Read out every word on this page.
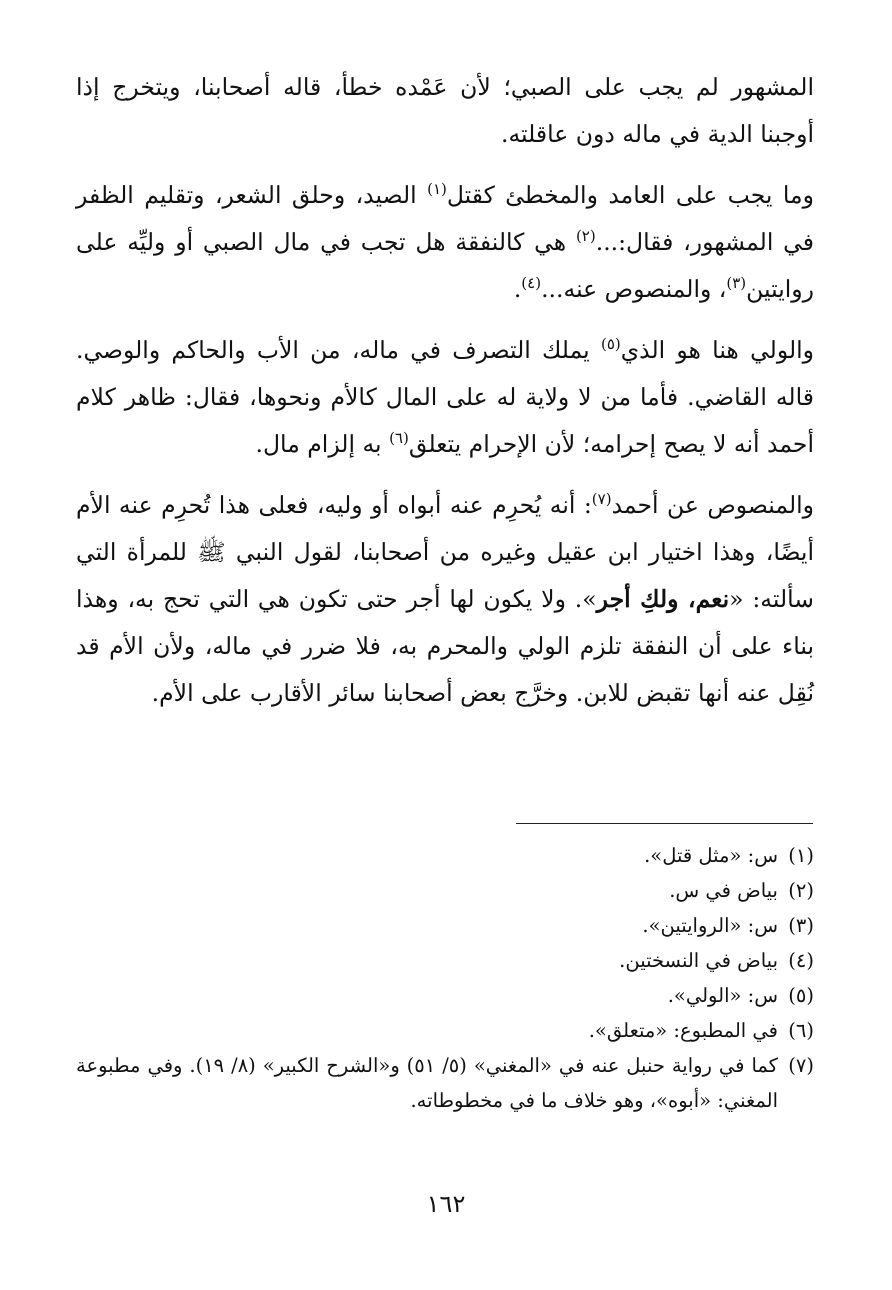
المشهور لم يجب على الصبي؛ لأن عَمْده خطأ، قاله أصحابنا، ويتخرج إذا أوجبنا الدية في ماله دون عاقلته.

وما يجب على العامد والمخطئ كقتل$^{(١)}$ الصيد، وحلق الشعر، وتقليم الظفر في المشهور، فقال:...$^{(٢)}$ هي كالنفقة هل تجب في مال الصبي أو وليِّه على روايتين$^{(٣)}$، والمنصوص عنه...$^{(٤)}$.

والولي هنا هو الذي$^{(٥)}$ يملك التصرف في ماله، من الأب والحاكم والوصي. قاله القاضي. فأما من لا ولاية له على المال كالأم ونحوها، فقال: ظاهر كلام أحمد أنه لا يصح إحرامه؛ لأن الإحرام يتعلق$^{(٦)}$ به إلزام مال.

والمنصوص عن أحمد$^{(٧)}$: أنه يُحرِم عنه أبواه أو وليه، فعلى هذا تُحرِم عنه الأم أيضًا، وهذا اختيار ابن عقيل وغيره من أصحابنا، لقول النبي ﷺ للمرأة التي سألته: «نعم، ولكِ أجر». ولا يكون لها أجر حتى تكون هي التي تحج به، وهذا بناء على أن النفقة تلزم الولي والمحرم به، فلا ضرر في ماله، ولأن الأم قد نُقِل عنه أنها تقبض للابن. وخرَّج بعض أصحابنا سائر الأقارب على الأم.

(١)
س: «مثل قتل».
(٢)
بياض في س.
(٣)
س: «الروايتين».
(٤)
بياض في النسختين.
(٥)
س: «الولي».
(٦)
في المطبوع: «متعلق».
(٧)
كما في رواية حنبل عنه في «المغني» (٥/ ٥١) و«الشرح الكبير» (٨/ ١٩). وفي مطبوعة المغني: «أبوه»، وهو خلاف ما في مخطوطاته.
١٦٢
